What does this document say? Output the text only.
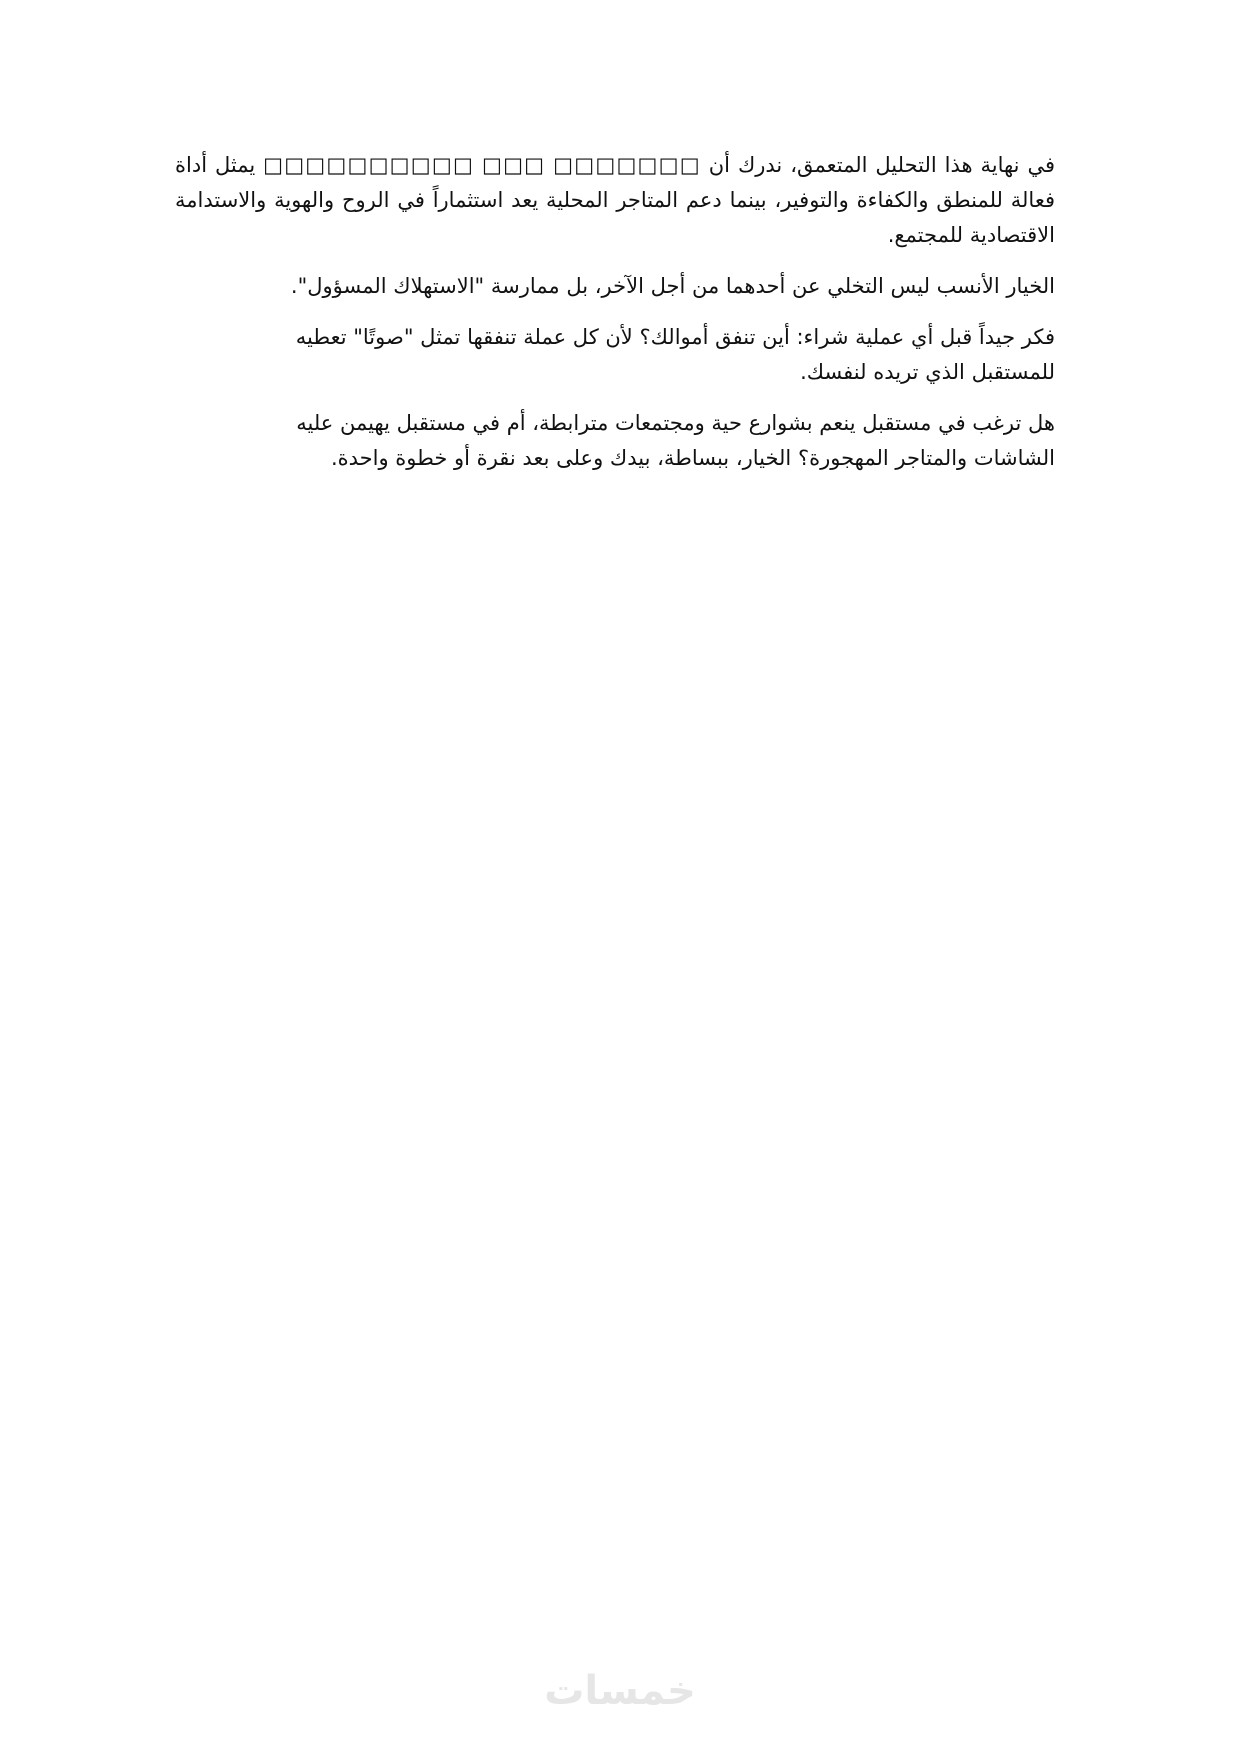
في نهاية هذا التحليل المتعمق، ندرك أن □□□□□□□ □□□ □□□□□□□□□□ يمثل أداة فعالة للمنطق والكفاءة والتوفير، بينما دعم المتاجر المحلية يعد استثماراً في الروح والهوية والاستدامة الاقتصادية للمجتمع.

الخيار الأنسب ليس التخلي عن أحدهما من أجل الآخر، بل ممارسة "الاستهلاك المسؤول".

فكر جيداً قبل أي عملية شراء: أين تنفق أموالك؟ لأن كل عملة تنفقها تمثل "صوتًا" تعطيه للمستقبل الذي تريده لنفسك.

هل ترغب في مستقبل ينعم بشوارع حية ومجتمعات مترابطة، أم في مستقبل يهيمن عليه الشاشات والمتاجر المهجورة؟ الخيار، ببساطة، بيدك وعلى بعد نقرة أو خطوة واحدة.

خمسات
